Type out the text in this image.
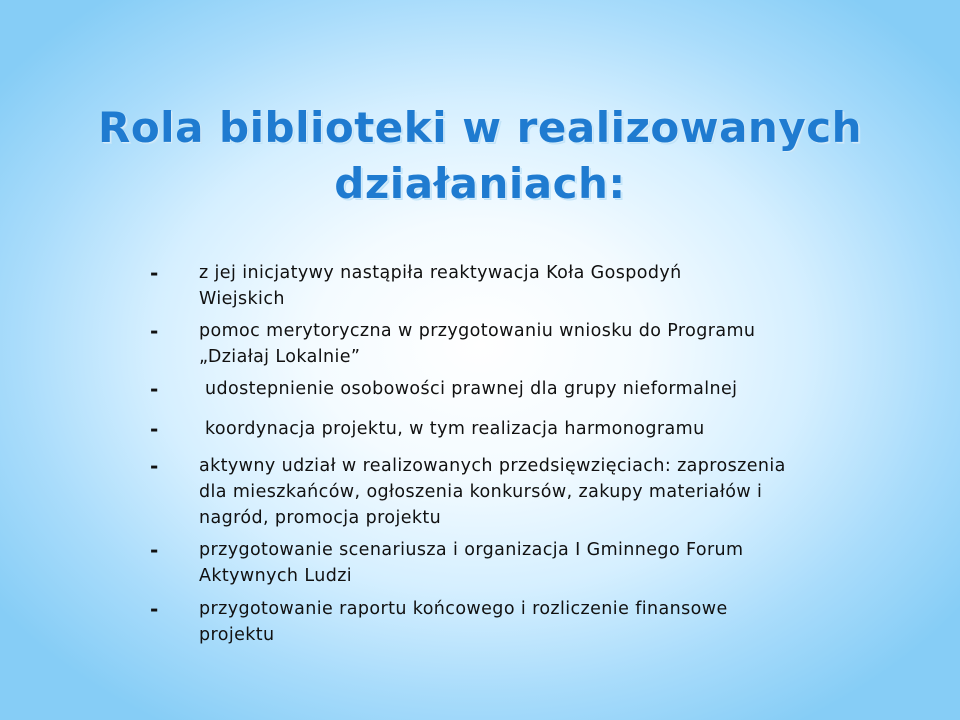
Rola biblioteki w realizowanych
działaniach:
- z jej inicjatywy nastąpiła reaktywacja Koła Gospodyń Wiejskich
- pomoc merytoryczna w przygotowaniu wniosku do Programu „Działaj Lokalnie”
-	udostepnienie osobowości prawnej dla grupy nieformalnej
-	koordynacja projektu, w tym realizacja harmonogramu
- aktywny udział w realizowanych przedsięwzięciach: zaproszenia dla mieszkańców, ogłoszenia konkursów, zakupy materiałów i nagród, promocja projektu
- przygotowanie scenariusza i organizacja I Gminnego Forum Aktywnych Ludzi
- przygotowanie raportu końcowego i rozliczenie finansowe projektu
